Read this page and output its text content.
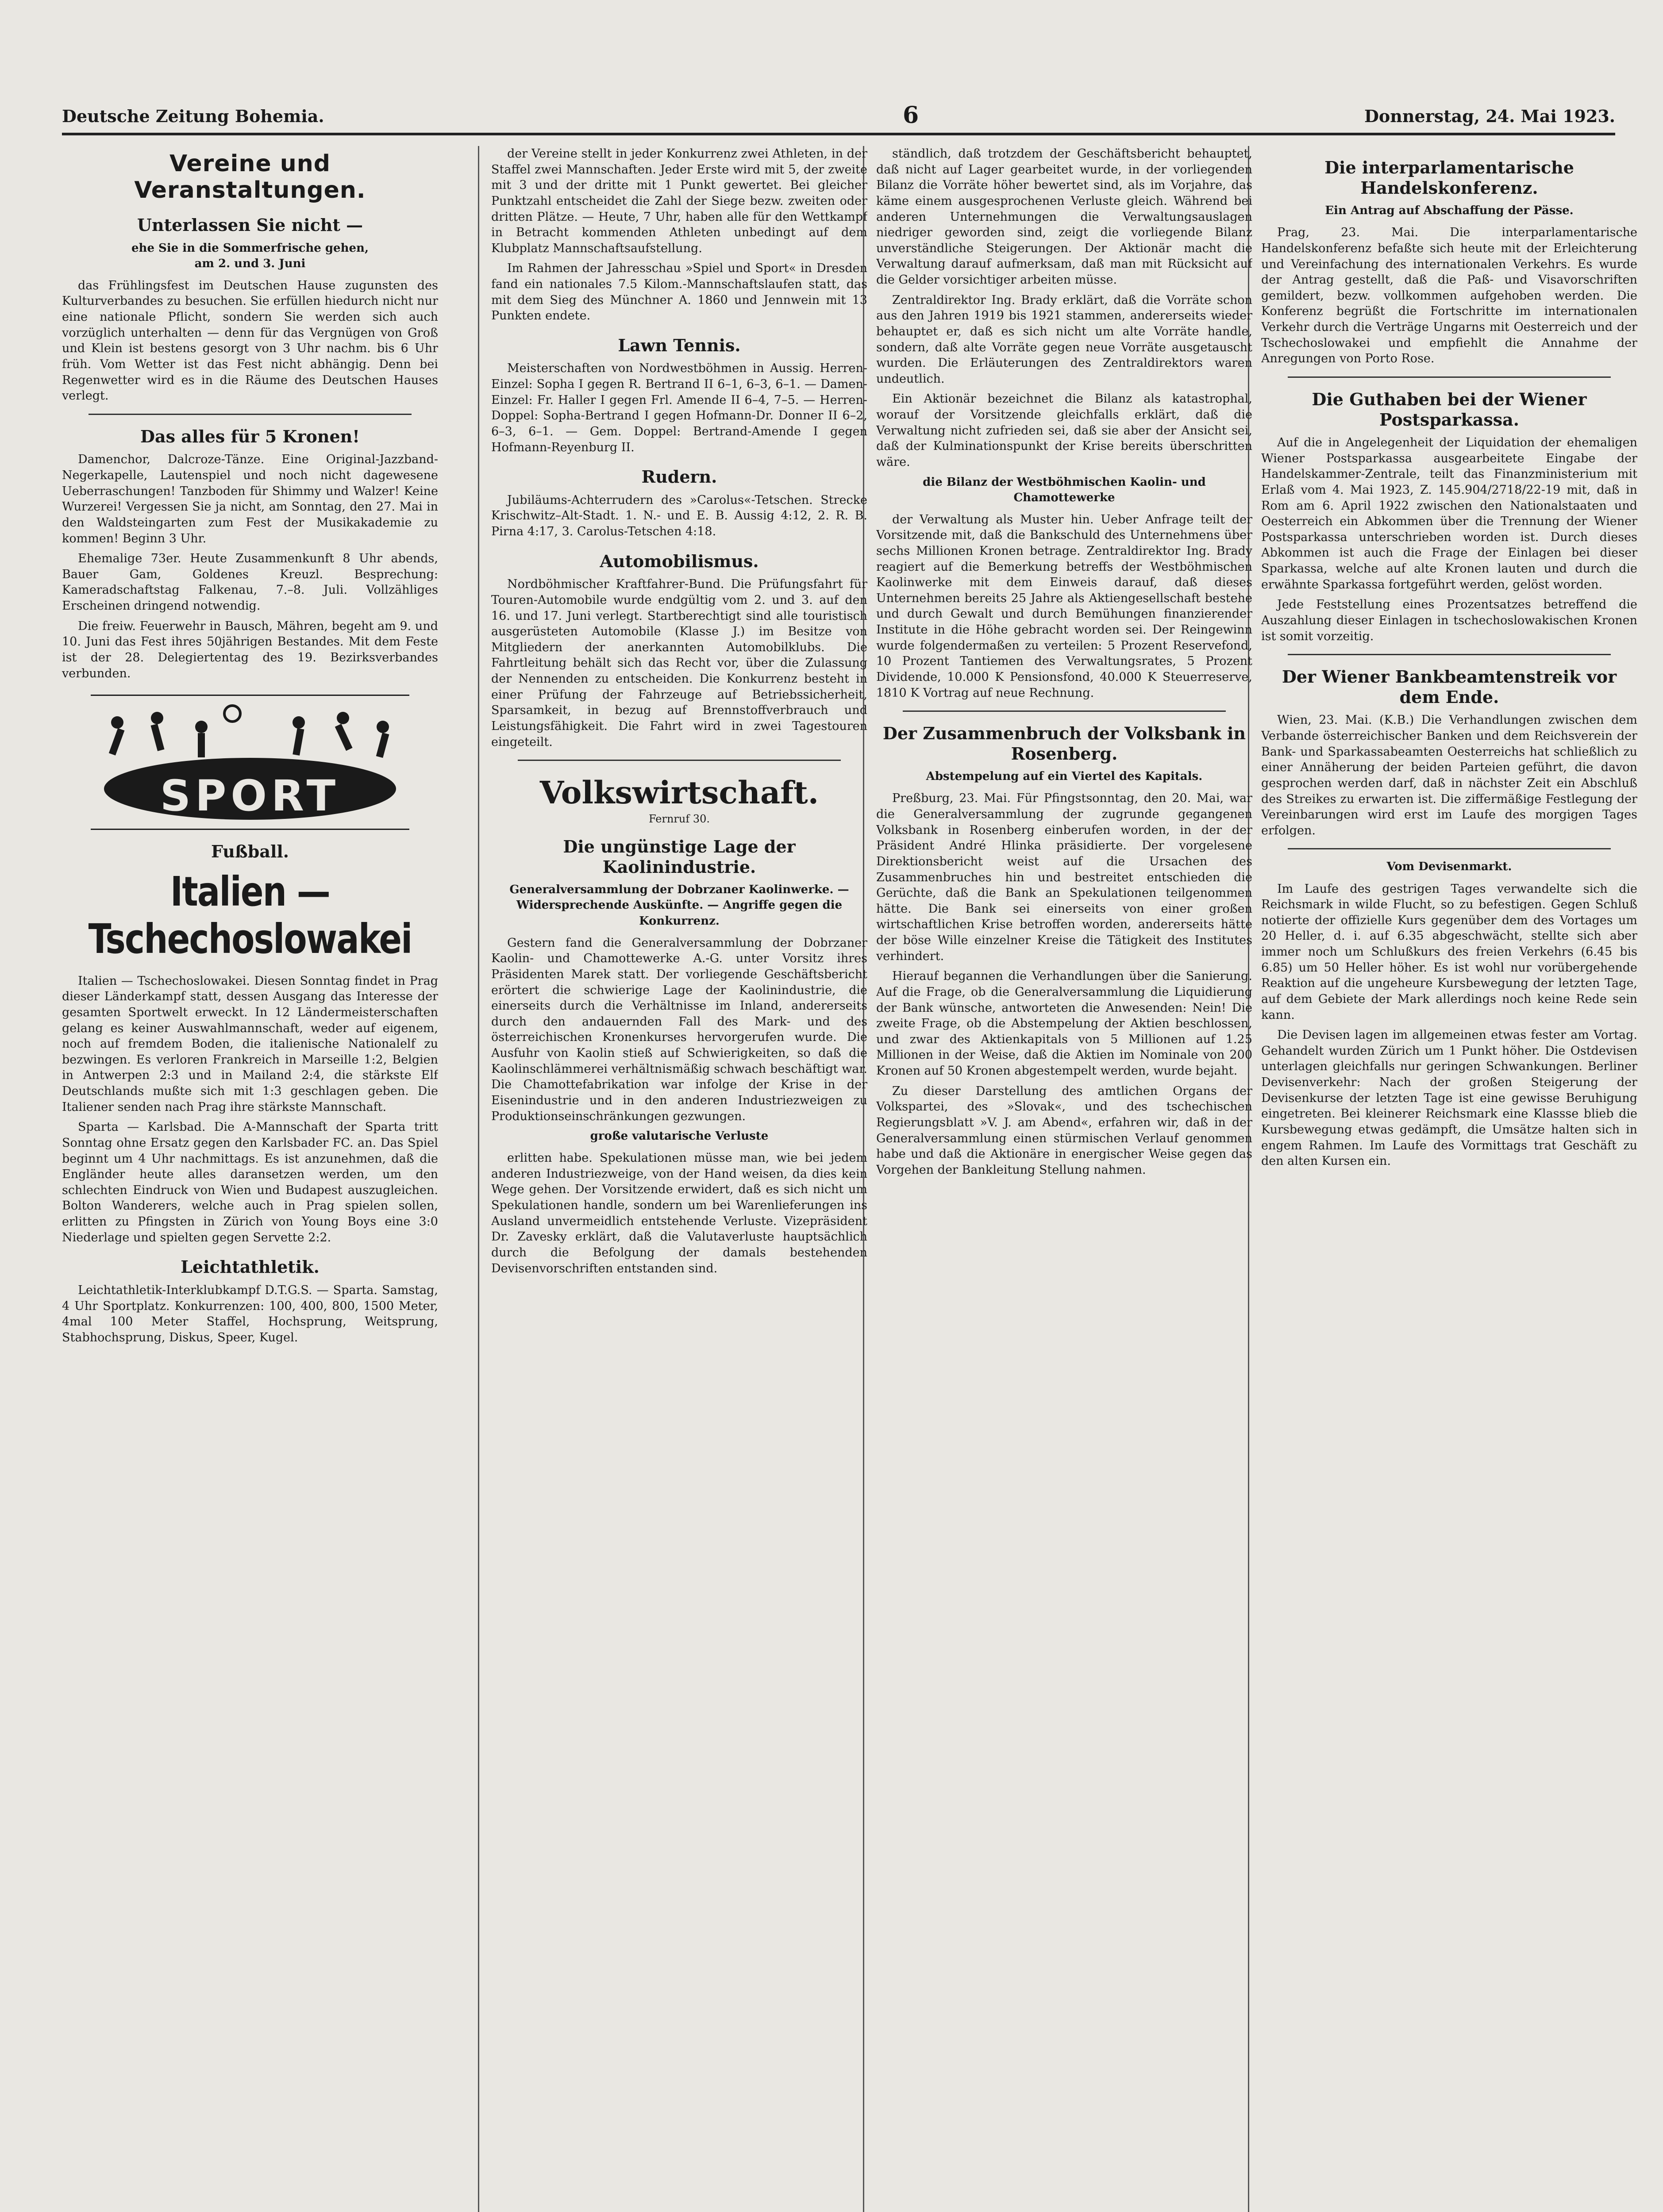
Deutsche Zeitung Bohemia.	6	Donnerstag, 24. Mai 1923.
Vereine und Veranstaltungen.
Unterlassen Sie nicht —
ehe Sie in die Sommerfrische gehen,
am 2. und 3. Juni

das Frühlingsfest im Deutschen Hause zugunsten des Kulturverbandes zu besuchen. Sie erfüllen hiedurch nicht nur eine nationale Pflicht, sondern Sie werden sich auch vorzüglich unterhalten — denn für das Vergnügen von Groß und Klein ist bestens gesorgt von 3 Uhr nachm. bis 6 Uhr früh. Vom Wetter ist das Fest nicht abhängig. Denn bei Regenwetter wird es in die Räume des Deutschen Hauses verlegt.

Das alles für 5 Kronen!

Damenchor, Dalcroze-Tänze. Eine Original-Jazzband-Negerkapelle, Lautenspiel und noch nicht dagewesene Ueberraschungen! Tanzboden für Shimmy und Walzer! Keine Wurzerei! Vergessen Sie ja nicht, am Sonntag, den 27. Mai in den Waldsteingarten zum Fest der Musikakademie zu kommen! Beginn 3 Uhr.

Ehemalige 73er. Heute Zusammenkunft 8 Uhr abends, Bauer Gam, Goldenes Kreuzl. Besprechung: Kameradschaftstag Falkenau, 7.–8. Juli. Vollzähliges Erscheinen dringend notwendig.

Die freiw. Feuerwehr in Bausch, Mähren, begeht am 9. und 10. Juni das Fest ihres 50jährigen Bestandes. Mit dem Feste ist der 28. Delegiertentag des 19. Bezirksverbandes verbunden.

SPORT
Fußball.
Italien — Tschechoslowakei

Italien — Tschechoslowakei. Diesen Sonntag findet in Prag dieser Länderkampf statt, dessen Ausgang das Interesse der gesamten Sportwelt erweckt. In 12 Ländermeisterschaften gelang es keiner Auswahlmannschaft, weder auf eigenem, noch auf fremdem Boden, die italienische Nationalelf zu bezwingen. Es verloren Frankreich in Marseille 1:2, Belgien in Antwerpen 2:3 und in Mailand 2:4, die stärkste Elf Deutschlands mußte sich mit 1:3 geschlagen geben. Die Italiener senden nach Prag ihre stärkste Mannschaft.

Sparta — Karlsbad. Die A-Mannschaft der Sparta tritt Sonntag ohne Ersatz gegen den Karlsbader FC. an. Das Spiel beginnt um 4 Uhr nachmittags. Es ist anzunehmen, daß die Engländer heute alles daransetzen werden, um den schlechten Eindruck von Wien und Budapest auszugleichen. Bolton Wanderers, welche auch in Prag spielen sollen, erlitten zu Pfingsten in Zürich von Young Boys eine 3:0 Niederlage und spielten gegen Servette 2:2.

Leichtathletik.

Leichtathletik-Interklubkampf D.T.G.S. — Sparta. Samstag, 4 Uhr Sportplatz. Konkurrenzen: 100, 400, 800, 1500 Meter, 4mal 100 Meter Staffel, Hochsprung, Weitsprung, Stabhochsprung, Diskus, Speer, Kugel.

der Vereine stellt in jeder Konkurrenz zwei Athleten, in der Staffel zwei Mannschaften. Jeder Erste wird mit 5, der zweite mit 3 und der dritte mit 1 Punkt gewertet. Bei gleicher Punktzahl entscheidet die Zahl der Siege bezw. zweiten oder dritten Plätze. — Heute, 7 Uhr, haben alle für den Wettkampf in Betracht kommenden Athleten unbedingt auf dem Klubplatz Mannschaftsaufstellung.

Im Rahmen der Jahresschau »Spiel und Sport« in Dresden fand ein nationales 7.5 Kilom.-Mannschaftslaufen statt, das mit dem Sieg des Münchner A. 1860 und Jennwein mit 13 Punkten endete.

Lawn Tennis.

Meisterschaften von Nordwestböhmen in Aussig. Herren-Einzel: Sopha I gegen R. Bertrand II 6–1, 6–3, 6–1. — Damen-Einzel: Fr. Haller I gegen Frl. Amende II 6–4, 7–5. — Herren-Doppel: Sopha-Bertrand I gegen Hofmann-Dr. Donner II 6–2, 6–3, 6–1. — Gem. Doppel: Bertrand-Amende I gegen Hofmann-Reyenburg II.

Rudern.

Jubiläums-Achterrudern des »Carolus«-Tetschen. Strecke Krischwitz–Alt-Stadt. 1. N.- und E. B. Aussig 4:12, 2. R. B. Pirna 4:17, 3. Carolus-Tetschen 4:18.

Automobilismus.

Nordböhmischer Kraftfahrer-Bund. Die Prüfungsfahrt für Touren-Automobile wurde endgültig vom 2. und 3. auf den 16. und 17. Juni verlegt. Startberechtigt sind alle touristisch ausgerüsteten Automobile (Klasse J.) im Besitze von Mitgliedern der anerkannten Automobilklubs. Die Fahrtleitung behält sich das Recht vor, über die Zulassung der Nennenden zu entscheiden. Die Konkurrenz besteht in einer Prüfung der Fahrzeuge auf Betriebssicherheit, Sparsamkeit, in bezug auf Brennstoffverbrauch und Leistungsfähigkeit. Die Fahrt wird in zwei Tagestouren eingeteilt.

Volkswirtschaft.
Fernruf 30.
Die ungünstige Lage der Kaolinindustrie.
Generalversammlung der Dobrzaner Kaolinwerke. — Widersprechende Auskünfte. — Angriffe gegen die Konkurrenz.

Gestern fand die Generalversammlung der Dobrzaner Kaolin- und Chamottewerke A.-G. unter Vorsitz ihres Präsidenten Marek statt. Der vorliegende Geschäftsbericht erörtert die schwierige Lage der Kaolinindustrie, die einerseits durch die Verhältnisse im Inland, andererseits durch den andauernden Fall des Mark- und des österreichischen Kronenkurses hervorgerufen wurde. Die Ausfuhr von Kaolin stieß auf Schwierigkeiten, so daß die Kaolinschlämmerei verhältnismäßig schwach beschäftigt war. Die Chamottefabrikation war infolge der Krise in der Eisenindustrie und in den anderen Industriezweigen zu Produktionseinschränkungen gezwungen.

große valutarische Verluste

erlitten habe. Spekulationen müsse man, wie bei jedem anderen Industriezweige, von der Hand weisen, da dies kein Wege gehen. Der Vorsitzende erwidert, daß es sich nicht um Spekulationen handle, sondern um bei Warenlieferungen ins Ausland unvermeidlich entstehende Verluste. Vizepräsident Dr. Zavesky erklärt, daß die Valutaverluste hauptsächlich durch die Befolgung der damals bestehenden Devisenvorschriften entstanden sind.

ständlich, daß trotzdem der Geschäftsbericht behauptet, daß nicht auf Lager gearbeitet wurde, in der vorliegenden Bilanz die Vorräte höher bewertet sind, als im Vorjahre, das käme einem ausgesprochenen Verluste gleich. Während bei anderen Unternehmungen die Verwaltungsauslagen niedriger geworden sind, zeigt die vorliegende Bilanz unverständliche Steigerungen. Der Aktionär macht die Verwaltung darauf aufmerksam, daß man mit Rücksicht auf die Gelder vorsichtiger arbeiten müsse.

Zentraldirektor Ing. Brady erklärt, daß die Vorräte schon aus den Jahren 1919 bis 1921 stammen, andererseits wieder behauptet er, daß es sich nicht um alte Vorräte handle, sondern, daß alte Vorräte gegen neue Vorräte ausgetauscht wurden. Die Erläuterungen des Zentraldirektors waren undeutlich.

Ein Aktionär bezeichnet die Bilanz als katastrophal, worauf der Vorsitzende gleichfalls erklärt, daß die Verwaltung nicht zufrieden sei, daß sie aber der Ansicht sei, daß der Kulminationspunkt der Krise bereits überschritten wäre.

die Bilanz der Westböhmischen Kaolin- und Chamottewerke

der Verwaltung als Muster hin. Ueber Anfrage teilt der Vorsitzende mit, daß die Bankschuld des Unternehmens über sechs Millionen Kronen betrage. Zentraldirektor Ing. Brady reagiert auf die Bemerkung betreffs der Westböhmischen Kaolinwerke mit dem Einweis darauf, daß dieses Unternehmen bereits 25 Jahre als Aktiengesellschaft bestehe und durch Gewalt und durch Bemühungen finanzierender Institute in die Höhe gebracht worden sei. Der Reingewinn wurde folgendermaßen zu verteilen: 5 Prozent Reservefond, 10 Prozent Tantiemen des Verwaltungsrates, 5 Prozent Dividende, 10.000 K Pensionsfond, 40.000 K Steuerreserve, 1810 K Vortrag auf neue Rechnung.

Der Zusammenbruch der Volksbank in Rosenberg.
Abstempelung auf ein Viertel des Kapitals.

Preßburg, 23. Mai. Für Pfingstsonntag, den 20. Mai, war die Generalversammlung der zugrunde gegangenen Volksbank in Rosenberg einberufen worden, in der der Präsident André Hlinka präsidierte. Der vorgelesene Direktionsbericht weist auf die Ursachen des Zusammenbruches hin und bestreitet entschieden die Gerüchte, daß die Bank an Spekulationen teilgenommen hätte. Die Bank sei einerseits von einer großen wirtschaftlichen Krise betroffen worden, andererseits hätte der böse Wille einzelner Kreise die Tätigkeit des Institutes verhindert.

Hierauf begannen die Verhandlungen über die Sanierung. Auf die Frage, ob die Generalversammlung die Liquidierung der Bank wünsche, antworteten die Anwesenden: Nein! Die zweite Frage, ob die Abstempelung der Aktien beschlossen, und zwar des Aktienkapitals von 5 Millionen auf 1.25 Millionen in der Weise, daß die Aktien im Nominale von 200 Kronen auf 50 Kronen abgestempelt werden, wurde bejaht.

Zu dieser Darstellung des amtlichen Organs der Volkspartei, des »Slovak«, und des tschechischen Regierungsblatt »V. J. am Abend«, erfahren wir, daß in der Generalversammlung einen stürmischen Verlauf genommen habe und daß die Aktionäre in energischer Weise gegen das Vorgehen der Bankleitung Stellung nahmen.

Die interparlamentarische Handelskonferenz.
Ein Antrag auf Abschaffung der Pässe.

Prag, 23. Mai. Die interparlamentarische Handelskonferenz befaßte sich heute mit der Erleichterung und Vereinfachung des internationalen Verkehrs. Es wurde der Antrag gestellt, daß die Paß- und Visavorschriften gemildert, bezw. vollkommen aufgehoben werden. Die Konferenz begrüßt die Fortschritte im internationalen Verkehr durch die Verträge Ungarns mit Oesterreich und der Tschechoslowakei und empfiehlt die Annahme der Anregungen von Porto Rose.

Die Guthaben bei der Wiener Postsparkassa.

Auf die in Angelegenheit der Liquidation der ehemaligen Wiener Postsparkassa ausgearbeitete Eingabe der Handelskammer-Zentrale, teilt das Finanzministerium mit Erlaß vom 4. Mai 1923, Z. 145.904/2718/22-19 mit, daß in Rom am 6. April 1922 zwischen den Nationalstaaten und Oesterreich ein Abkommen über die Trennung der Wiener Postsparkassa unterschrieben worden ist. Durch dieses Abkommen ist auch die Frage der Einlagen bei dieser Sparkassa, welche auf alte Kronen lauten und durch die erwähnte Sparkassa fortgeführt werden, gelöst worden.

Jede Feststellung eines Prozentsatzes betreffend die Auszahlung dieser Einlagen in tschechoslowakischen Kronen ist somit vorzeitig.

Der Wiener Bankbeamtenstreik vor dem Ende.

Wien, 23. Mai. (K.B.) Die Verhandlungen zwischen dem Verbande österreichischer Banken und dem Reichsverein der Bank- und Sparkassabeamten Oesterreichs hat schließlich zu einer Annäherung der beiden Parteien geführt, die davon gesprochen werden darf, daß in nächster Zeit ein Abschluß des Streikes zu erwarten ist. Die ziffermäßige Festlegung der Vereinbarungen wird erst im Laufe des morgigen Tages erfolgen.

Vom Devisenmarkt.

Im Laufe des gestrigen Tages verwandelte sich die Reichsmark in wilde Flucht, so zu befestigen. Gegen Schluß notierte der offizielle Kurs gegenüber dem des Vortages um 20 Heller, d. i. auf 6.35 abgeschwächt, stellte sich aber immer noch um Schlußkurs des freien Verkehrs (6.45 bis 6.85) um 50 Heller höher. Es ist wohl nur vorübergehende Reaktion auf die ungeheure Kursbewegung der letzten Tage, auf dem Gebiete der Mark allerdings noch keine Rede sein kann.

Die Devisen lagen im allgemeinen etwas fester am Vortag. Gehandelt wurden Zürich um 1 Punkt höher. Die Ostdevisen unterlagen gleichfalls nur geringen Schwankungen. Berliner Devisenverkehr: Nach der großen Steigerung der Devisenkurse der letzten Tage ist eine gewisse Beruhigung eingetreten. Bei kleinerer Reichsmark eine Klassse blieb die Kursbewegung etwas gedämpft, die Umsätze halten sich in engem Rahmen. Im Laufe des Vormittags trat Geschäft zu den alten Kursen ein.
